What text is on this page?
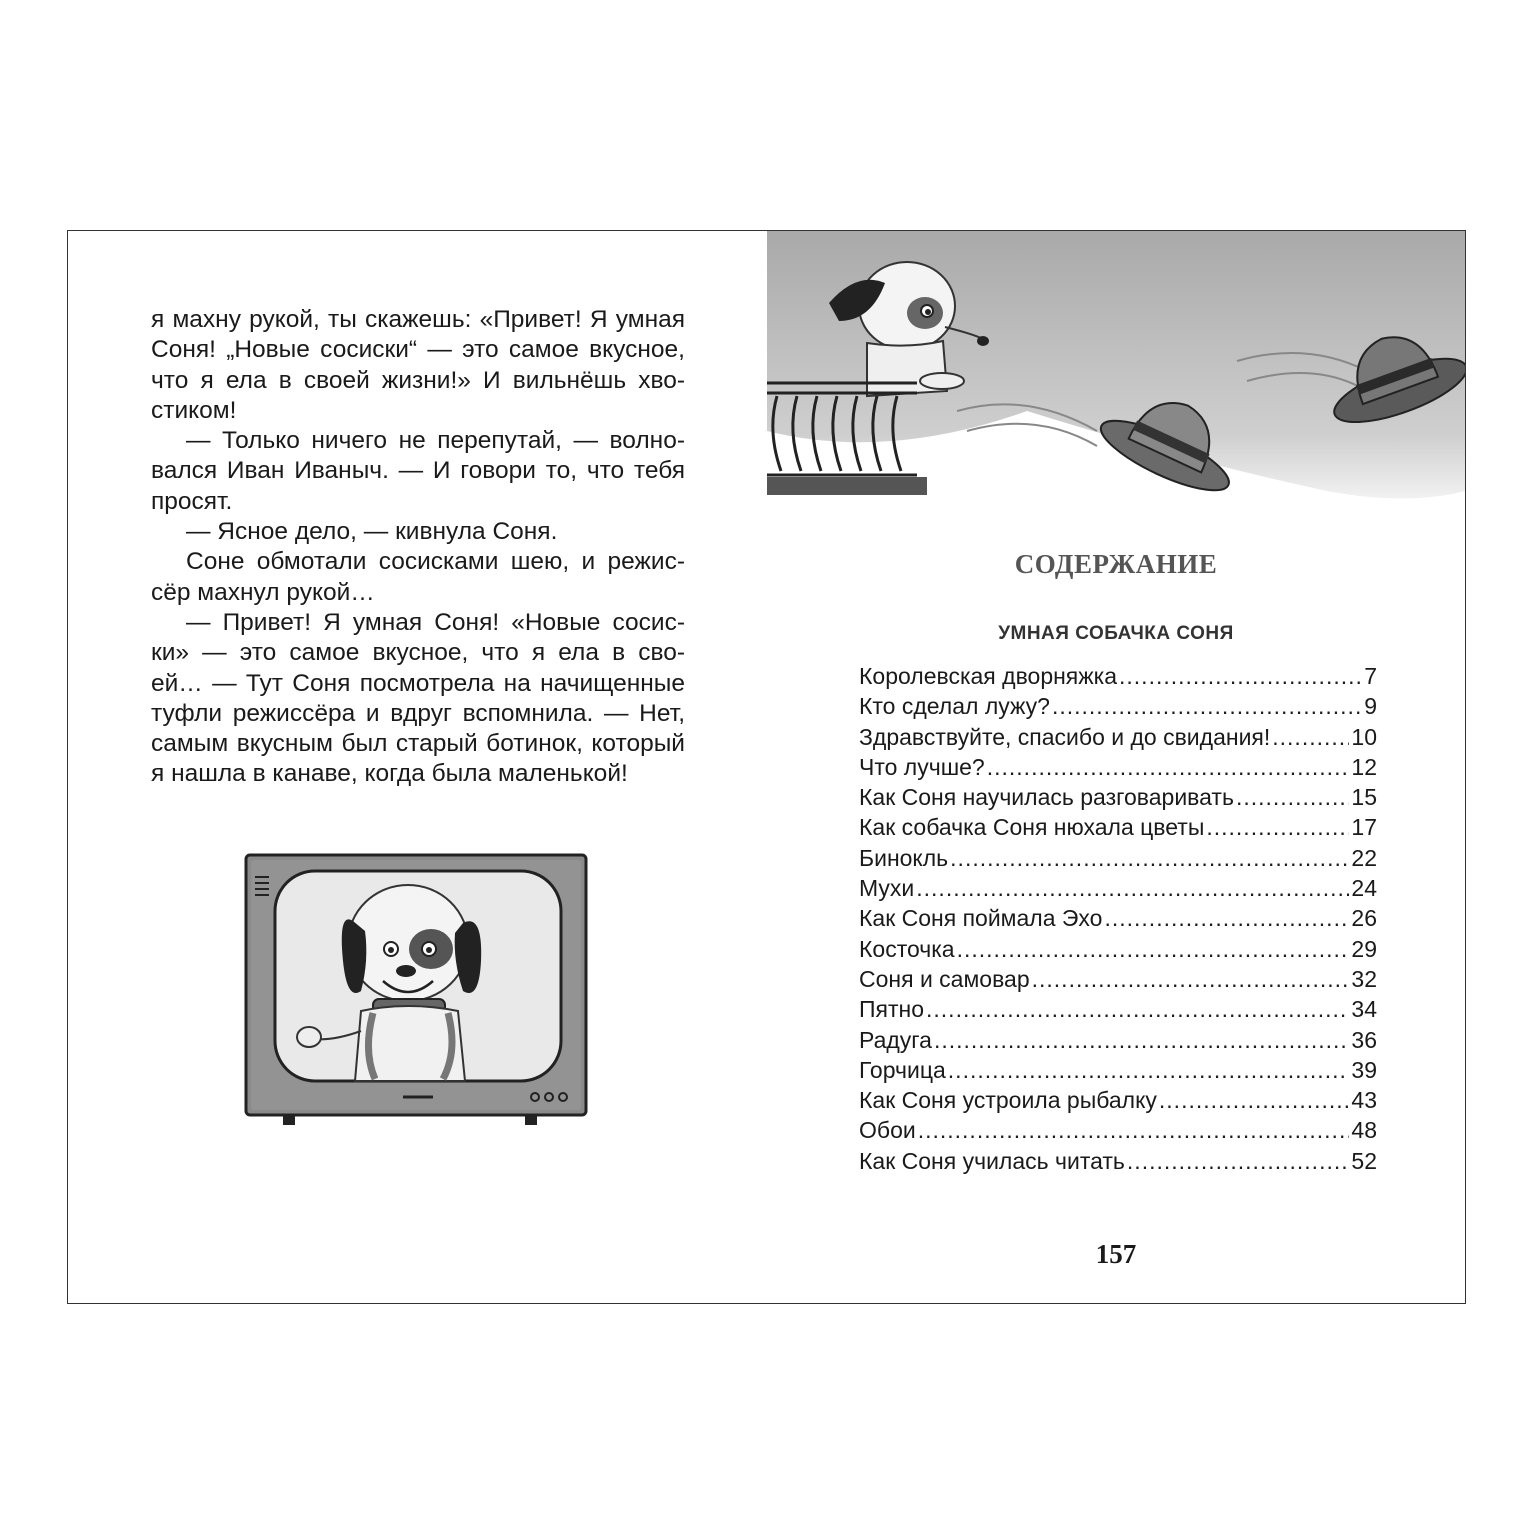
я махну рукой, ты скажешь: «Привет! Я умная
Соня! „Новые сосиски“ — это самое вкусное,
что я ела в своей жизни!» И вильнёшь хво-
стиком!
— Только ничего не перепутай, — волно-
вался Иван Иваныч. — И говори то, что тебя
просят.
— Ясное дело, — кивнула Соня.
Соне обмотали сосисками шею, и режис-
сёр махнул рукой…
— Привет! Я умная Соня! «Новые сосис-
ки» — это самое вкусное, что я ела в сво-
ей… — Тут Соня посмотрела на начищенные
туфли режиссёра и вдруг вспомнила. — Нет,
самым вкусным был старый ботинок, который
я нашла в канаве, когда была маленькой!
СОДЕРЖАНИЕ
УМНАЯ СОБАЧКА СОНЯ
Королевская дворняжка .....	7
Кто сделал лужу? .....	9
Здравствуйте, спасибо и до свидания! .....	10
Что лучше? .....	12
Как Соня научилась разговаривать .....	15
Как собачка Соня нюхала цветы .....	17
Бинокль .....	22
Мухи .....	24
Как Соня поймала Эхо .....	26
Косточка .....	29
Соня и самовар .....	32
Пятно .....	34
Радуга .....	36
Горчица .....	39
Как Соня устроила рыбалку .....	43
Обои .....	48
Как Соня училась читать .....	52
157
